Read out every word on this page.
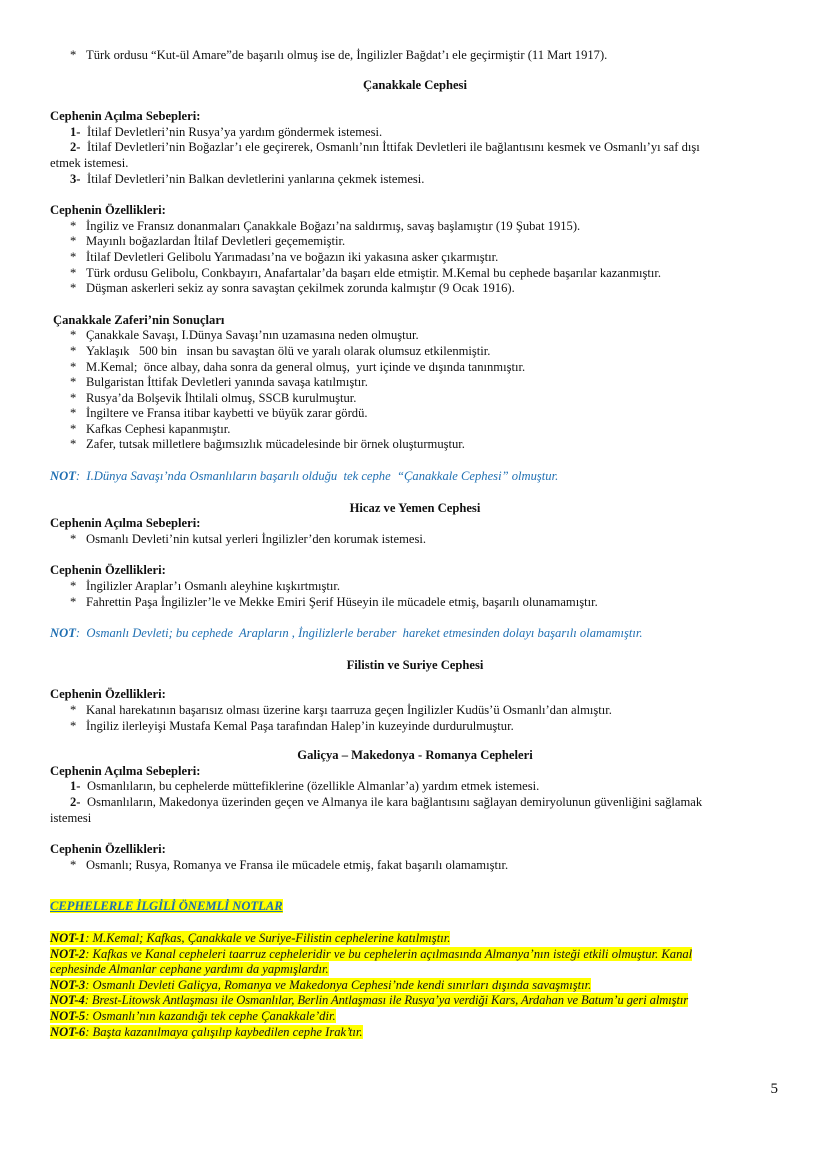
* Türk ordusu “Kut-ül Amare”de başarılı olmuş ise de, İngilizler Bağdat’ı ele geçirmiştir (11 Mart 1917).
Çanakkale Cephesi
Cephenin Açılma Sebepleri:
1- İtilaf Devletleri’nin Rusya’ya yardım göndermek istemesi.
2- İtilaf Devletleri’nin Boğazlar’ı ele geçirerek, Osmanlı’nın İttifak Devletleri ile bağlantısını kesmek ve Osmanlı’yı saf dışı
etmek istemesi.
3- İtilaf Devletleri’nin Balkan devletlerini yanlarına çekmek istemesi.
Cephenin Özellikleri:
* İngiliz ve Fransız donanmaları Çanakkale Boğazı’na saldırmış, savaş başlamıştır (19 Şubat 1915).
* Mayınlı boğazlardan İtilaf Devletleri geçememiştir.
* İtilaf Devletleri Gelibolu Yarımadası’na ve boğazın iki yakasına asker çıkarmıştır.
* Türk ordusu Gelibolu, Conkbayırı, Anafartalar’da başarı elde etmiştir. M.Kemal bu cephede başarılar kazanmıştır.
* Düşman askerleri sekiz ay sonra savaştan çekilmek zorunda kalmıştır (9 Ocak 1916).
Çanakkale Zaferi’nin Sonuçları
* Çanakkale Savaşı, I.Dünya Savaşı’nın uzamasına neden olmuştur.
* Yaklaşık   500 bin   insan bu savaştan ölü ve yaralı olarak olumsuz etkilenmiştir.
* M.Kemal;  önce albay, daha sonra da general olmuş,  yurt içinde ve dışında tanınmıştır.
* Bulgaristan İttifak Devletleri yanında savaşa katılmıştır.
* Rusya’da Bolşevik İhtilali olmuş, SSCB kurulmuştur.
* İngiltere ve Fransa itibar kaybetti ve büyük zarar gördü.
* Kafkas Cephesi kapanmıştır.
* Zafer, tutsak milletlere bağımsızlık mücadelesinde bir örnek oluşturmuştur.
NOT:  I.Dünya Savaşı’nda Osmanlıların başarılı olduğu  tek cephe  “Çanakkale Cephesi” olmuştur.
Hicaz ve Yemen Cephesi
Cephenin Açılma Sebepleri:
* Osmanlı Devleti’nin kutsal yerleri İngilizler’den korumak istemesi.
Cephenin Özellikleri:
* İngilizler Araplar’ı Osmanlı aleyhine kışkırtmıştır.
* Fahrettin Paşa İngilizler’le ve Mekke Emiri Şerif Hüseyin ile mücadele etmiş, başarılı olunamamıştır.
NOT:  Osmanlı Devleti; bu cephede  Arapların , İngilizlerle beraber  hareket etmesinden dolayı başarılı olamamıştır.
Filistin ve Suriye Cephesi
Cephenin Özellikleri:
* Kanal harekatının başarısız olması üzerine karşı taarruza geçen İngilizler Kudüs’ü Osmanlı’dan almıştır.
* İngiliz ilerleyişi Mustafa Kemal Paşa tarafından Halep’in kuzeyinde durdurulmuştur.
Galiçya – Makedonya - Romanya Cepheleri
Cephenin Açılma Sebepleri:
1- Osmanlıların, bu cephelerde müttefiklerine (özellikle Almanlar’a) yardım etmek istemesi.
2- Osmanlıların, Makedonya üzerinden geçen ve Almanya ile kara bağlantısını sağlayan demiryolunun güvenliğini sağlamak
istemesi
Cephenin Özellikleri:
* Osmanlı; Rusya, Romanya ve Fransa ile mücadele etmiş, fakat başarılı olamamıştır.
CEPHELERLE İLGİLİ ÖNEMLİ NOTLAR
NOT-1: M.Kemal; Kafkas, Çanakkale ve Suriye-Filistin cephelerine katılmıştır.
NOT-2: Kafkas ve Kanal cepheleri taarruz cepheleridir ve bu cephelerin açılmasında Almanya’nın isteği etkili olmuştur. Kanal
cephesinde Almanlar cephane yardımı da yapmışlardır.
NOT-3: Osmanlı Devleti Galiçya, Romanya ve Makedonya Cephesi’nde kendi sınırları dışında savaşmıştır.
NOT-4: Brest-Litowsk Antlaşması ile Osmanlılar, Berlin Antlaşması ile Rusya’ya verdiği Kars, Ardahan ve Batum’u geri almıştır
NOT-5: Osmanlı’nın kazandığı tek cephe Çanakkale’dir.
NOT-6: Başta kazanılmaya çalışılıp kaybedilen cephe Irak’tır.
5
